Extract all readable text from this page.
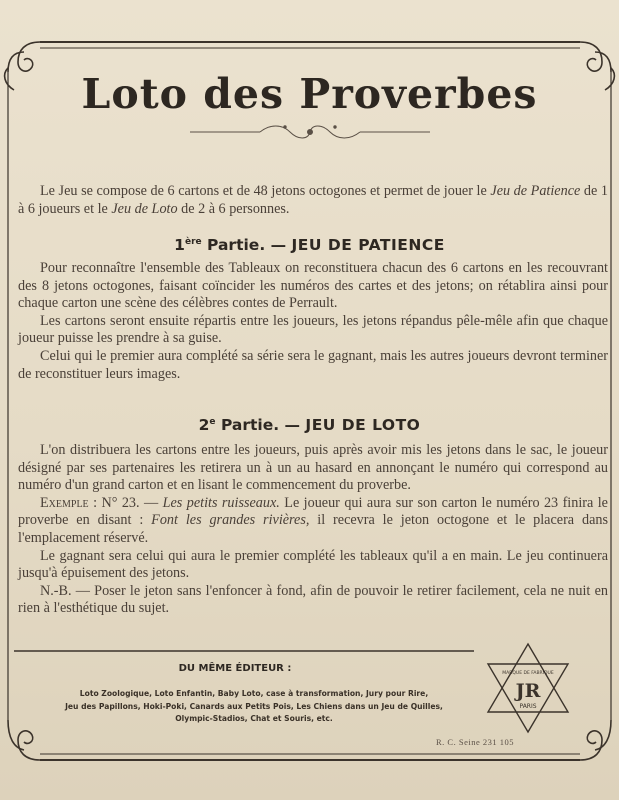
Loto des Proverbes

Le Jeu se compose de 6 cartons et de 48 jetons octogones et permet de jouer le Jeu de Patience de 1 à 6 joueurs et le Jeu de Loto de 2 à 6 personnes.

1ère Partie. — JEU DE PATIENCE

Pour reconnaître l'ensemble des Tableaux on reconstituera chacun des 6 cartons en les recouvrant des 8 jetons octogones, faisant coïncider les numéros des cartes et des jetons; on rétablira ainsi pour chaque carton une scène des célèbres contes de Perrault.

Les cartons seront ensuite répartis entre les joueurs, les jetons répandus pêle-mêle afin que chaque joueur puisse les prendre à sa guise.

Celui qui le premier aura complété sa série sera le gagnant, mais les autres joueurs devront terminer de reconstituer leurs images.

2e Partie. — JEU DE LOTO

L'on distribuera les cartons entre les joueurs, puis après avoir mis les jetons dans le sac, le joueur désigné par ses partenaires les retirera un à un au hasard en annonçant le numéro qui correspond au numéro d'un grand carton et en lisant le commencement du proverbe.

Exemple : N° 23. — Les petits ruisseaux. Le joueur qui aura sur son carton le numéro 23 finira le proverbe en disant : Font les grandes rivières, il recevra le jeton octogone et le placera dans l'emplacement réservé.

Le gagnant sera celui qui aura le premier complété les tableaux qu'il a en main. Le jeu continuera jusqu'à épuisement des jetons.

N.-B. — Poser le jeton sans l'enfoncer à fond, afin de pouvoir le retirer facilement, cela ne nuit en rien à l'esthétique du sujet.

DU MÊME ÉDITEUR :
Loto Zoologique, Loto Enfantin, Baby Loto, case à transformation, Jury pour Rire,
Jeu des Papillons, Hoki-Poki, Canards aux Petits Pois, Les Chiens dans un Jeu de Quilles,
Olympic-Stadios, Chat et Souris, etc.
MARQUE DE FABRIQUE
JR
PARIS
R. C. Seine 231 105
